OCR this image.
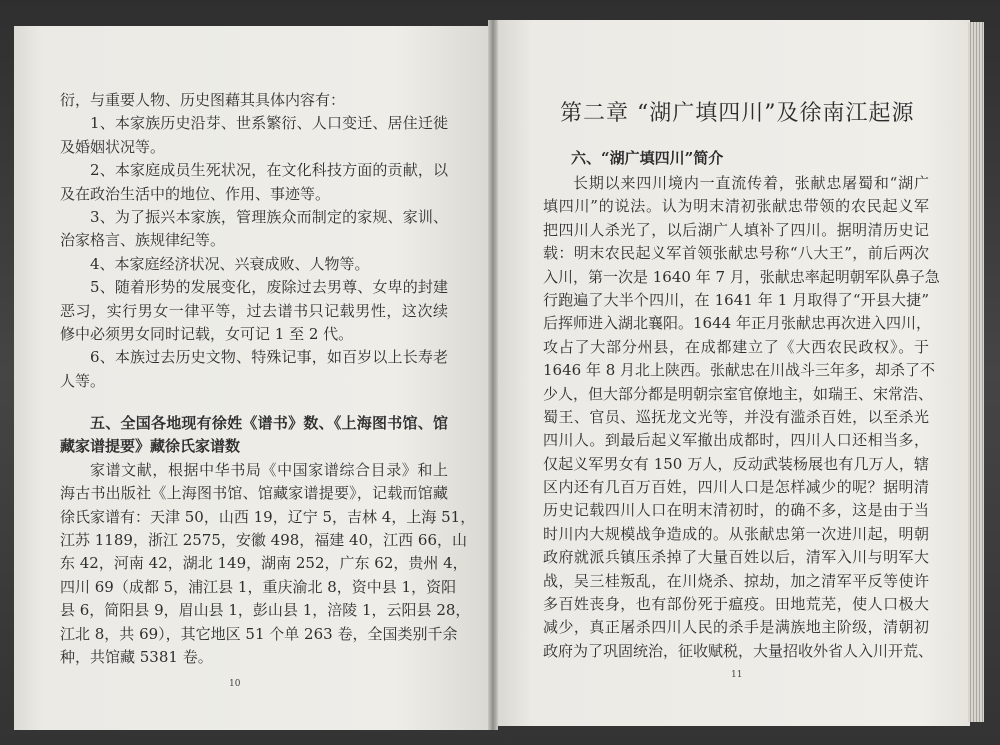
衍，与重要人物、历史图藉其具体内容有：
1、本家族历史沿芽、世系繁衍、人口变迁、居住迁徙
及婚姻状况等。
2、本家庭成员生死状况，在文化科技方面的贡献，以
及在政治生活中的地位、作用、事迹等。
3、为了振兴本家族，管理族众而制定的家规、家训、
治家格言、族规律纪等。
4、本家庭经济状况、兴衰成败、人物等。
5、随着形势的发展变化，废除过去男尊、女卑的封建
恶习，实行男女一律平等，过去谱书只记载男性，这次续
修中必须男女同时记载，女可记 1 至 2 代。
6、本族过去历史文物、特殊记事，如百岁以上长寿老
人等。
五、全国各地现有徐姓《谱书》数、《上海图书馆、馆
藏家谱提要》藏徐氏家谱数
家谱文献，根据中华书局《中国家谱综合目录》和上
海古书出版社《上海图书馆、馆藏家谱提要》，记载而馆藏
徐氏家谱有：天津 50，山西 19，辽宁 5，吉林 4，上海 51，
江苏 1189，浙江 2575，安徽 498，福建 40，江西 66，山
东 42，河南 42，湖北 149，湖南 252，广东 62，贵州 4，
四川 69（成都 5，浦江县 1，重庆渝北 8，资中县 1，资阳
县 6，简阳县 9，眉山县 1，彭山县 1，涪陵 1，云阳县 28，
江北 8，共 69），其它地区 51 个单 263 卷，全国类别千余
种，共馆藏 5381 卷。
第二章 “湖广填四川”及徐南江起源
六、“湖广填四川”简介
长期以来四川境内一直流传着，张献忠屠蜀和“湖广
填四川”的说法。认为明末清初张献忠带领的农民起义军
把四川人杀光了，以后湖广人填补了四川。据明清历史记
载：明末农民起义军首领张献忠号称“八大王”，前后两次
入川，第一次是 1640 年 7 月，张献忠率起明朝军队鼻子急
行跑遍了大半个四川，在 1641 年 1 月取得了“开县大捷”
后挥师进入湖北襄阳。1644 年正月张献忠再次进入四川，
攻占了大部分州县，在成都建立了《大西农民政权》。于
1646 年 8 月北上陕西。张献忠在川战斗三年多，却杀了不
少人，但大部分都是明朝宗室官僚地主，如瑞王、宋常浩、
蜀王、官员、巡抚龙文光等，并没有滥杀百姓，以至杀光
四川人。到最后起义军撤出成都时，四川人口还相当多，
仅起义军男女有 150 万人，反动武装杨展也有几万人，辖
区内还有几百万百姓，四川人口是怎样减少的呢？据明清
历史记载四川人口在明末清初时，的确不多，这是由于当
时川内大规模战争造成的。从张献忠第一次进川起，明朝
政府就派兵镇压杀掉了大量百姓以后，清军入川与明军大
战，吴三桂叛乱，在川烧杀、掠劫，加之清军平反等使许
多百姓丧身，也有部份死于瘟疫。田地荒芜，使人口极大
减少，真正屠杀四川人民的杀手是满族地主阶级，清朝初
政府为了巩固统治，征收赋税，大量招收外省人入川开荒、
10
11
